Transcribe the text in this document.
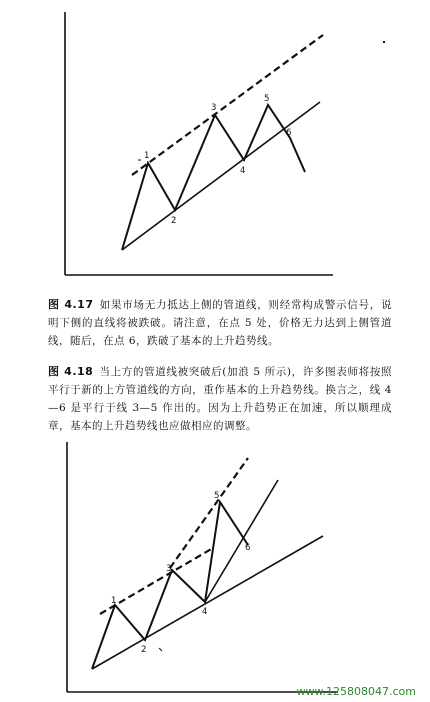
1
2
3
4
5
6
图 4.17 如果市场无力抵达上侧的管道线，则经常构成警示信号，说明下侧的直线将被跌破。请注意，在点 5 处，价格无力达到上侧管道线，随后，在点 6，跌破了基本的上升趋势线。
图 4.18 当上方的管道线被突破后(加浪 5 所示)，许多图表师将按照平行于新的上方管道线的方向，重作基本的上升趋势线。换言之，线 4—6 是平行于线 3—5 作出的。因为上升趋势正在加速，所以顺理成章，基本的上升趋势线也应做相应的调整。
1
2
3
4
5
6
www.125808047.com
